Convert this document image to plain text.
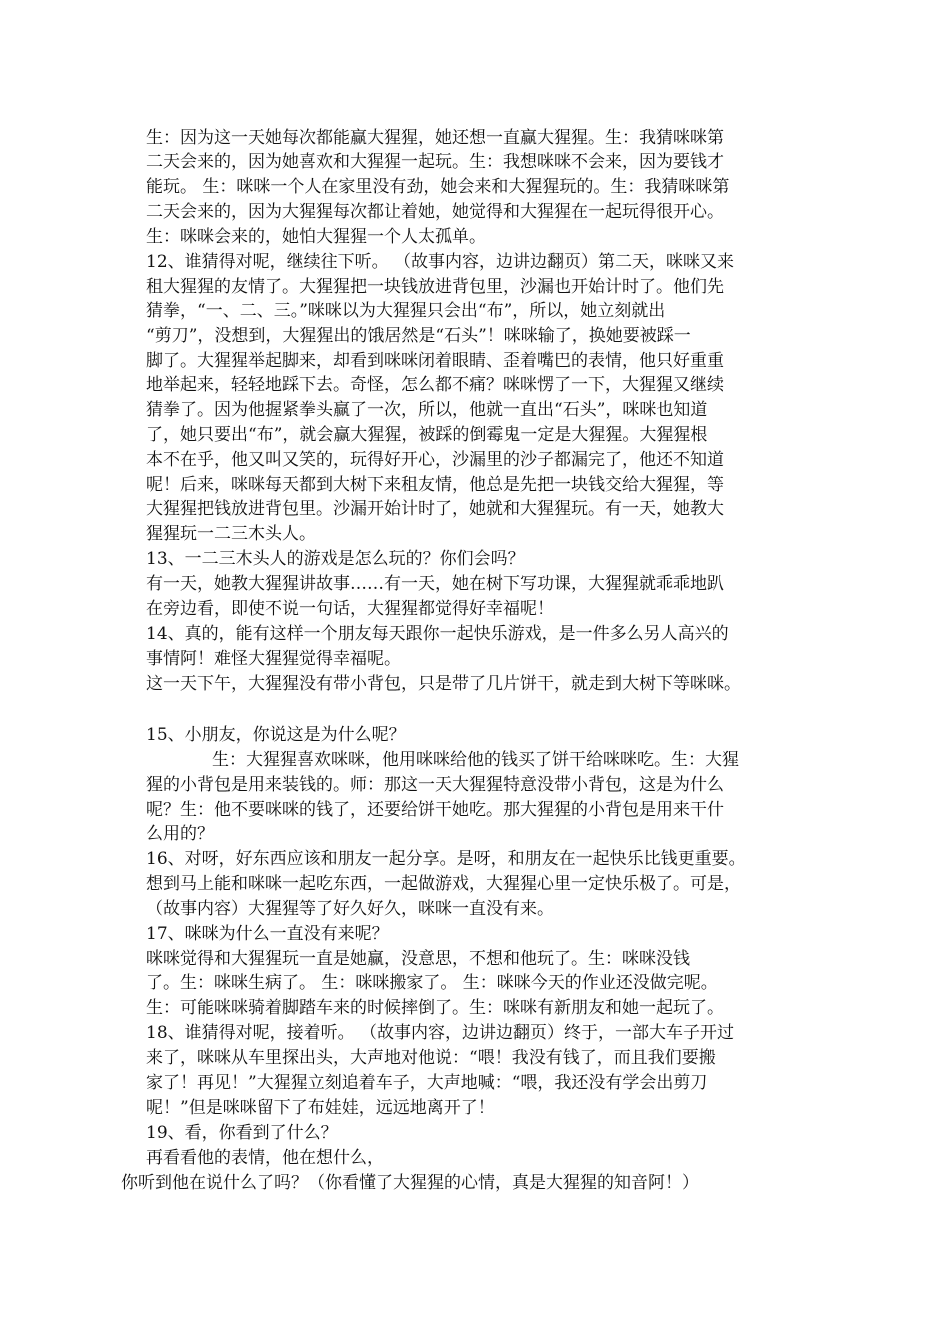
生：因为这一天她每次都能赢大猩猩，她还想一直赢大猩猩。生：我猜咪咪第
二天会来的，因为她喜欢和大猩猩一起玩。生：我想咪咪不会来，因为要钱才
能玩。 生：咪咪一个人在家里没有劲，她会来和大猩猩玩的。生：我猜咪咪第
二天会来的，因为大猩猩每次都让着她，她觉得和大猩猩在一起玩得很开心。
生：咪咪会来的，她怕大猩猩一个人太孤单。
12、谁猜得对呢，继续往下听。 （故事内容，边讲边翻页）第二天，咪咪又来
租大猩猩的友情了。大猩猩把一块钱放进背包里，沙漏也开始计时了。他们先
猜拳，“一、二、三。”咪咪以为大猩猩只会出“布”，所以，她立刻就出
“剪刀”，没想到，大猩猩出的饿居然是“石头”！咪咪输了，换她要被踩一
脚了。大猩猩举起脚来，却看到咪咪闭着眼睛、歪着嘴巴的表情，他只好重重
地举起来，轻轻地踩下去。奇怪，怎么都不痛？咪咪愣了一下，大猩猩又继续
猜拳了。因为他握紧拳头赢了一次，所以，他就一直出“石头”，咪咪也知道
了，她只要出“布”，就会赢大猩猩，被踩的倒霉鬼一定是大猩猩。大猩猩根
本不在乎，他又叫又笑的，玩得好开心，沙漏里的沙子都漏完了，他还不知道
呢！后来，咪咪每天都到大树下来租友情，他总是先把一块钱交给大猩猩，等
大猩猩把钱放进背包里。沙漏开始计时了，她就和大猩猩玩。有一天，她教大
猩猩玩一二三木头人。
13、一二三木头人的游戏是怎么玩的？你们会吗？
有一天，她教大猩猩讲故事……有一天，她在树下写功课，大猩猩就乖乖地趴
在旁边看，即使不说一句话，大猩猩都觉得好幸福呢！
14、真的，能有这样一个朋友每天跟你一起快乐游戏，是一件多么另人高兴的
事情阿！难怪大猩猩觉得幸福呢。
这一天下午，大猩猩没有带小背包，只是带了几片饼干，就走到大树下等咪咪。
15、小朋友，你说这是为什么呢？
生：大猩猩喜欢咪咪，他用咪咪给他的钱买了饼干给咪咪吃。生：大猩
猩的小背包是用来装钱的。师：那这一天大猩猩特意没带小背包，这是为什么
呢？生：他不要咪咪的钱了，还要给饼干她吃。那大猩猩的小背包是用来干什
么用的？
16、对呀，好东西应该和朋友一起分享。是呀，和朋友在一起快乐比钱更重要。
想到马上能和咪咪一起吃东西，一起做游戏，大猩猩心里一定快乐极了。可是，
（故事内容）大猩猩等了好久好久，咪咪一直没有来。
17、咪咪为什么一直没有来呢？
咪咪觉得和大猩猩玩一直是她赢，没意思，不想和他玩了。生：咪咪没钱
了。生：咪咪生病了。 生：咪咪搬家了。 生：咪咪今天的作业还没做完呢。
生：可能咪咪骑着脚踏车来的时候摔倒了。生：咪咪有新朋友和她一起玩了。
18、谁猜得对呢，接着听。 （故事内容，边讲边翻页）终于，一部大车子开过
来了，咪咪从车里探出头，大声地对他说：“喂！我没有钱了，而且我们要搬
家了！再见！”大猩猩立刻追着车子，大声地喊：“喂，我还没有学会出剪刀
呢！”但是咪咪留下了布娃娃，远远地离开了！
19、看，你看到了什么？
再看看他的表情，他在想什么，
你听到他在说什么了吗？（你看懂了大猩猩的心情，真是大猩猩的知音阿！）
